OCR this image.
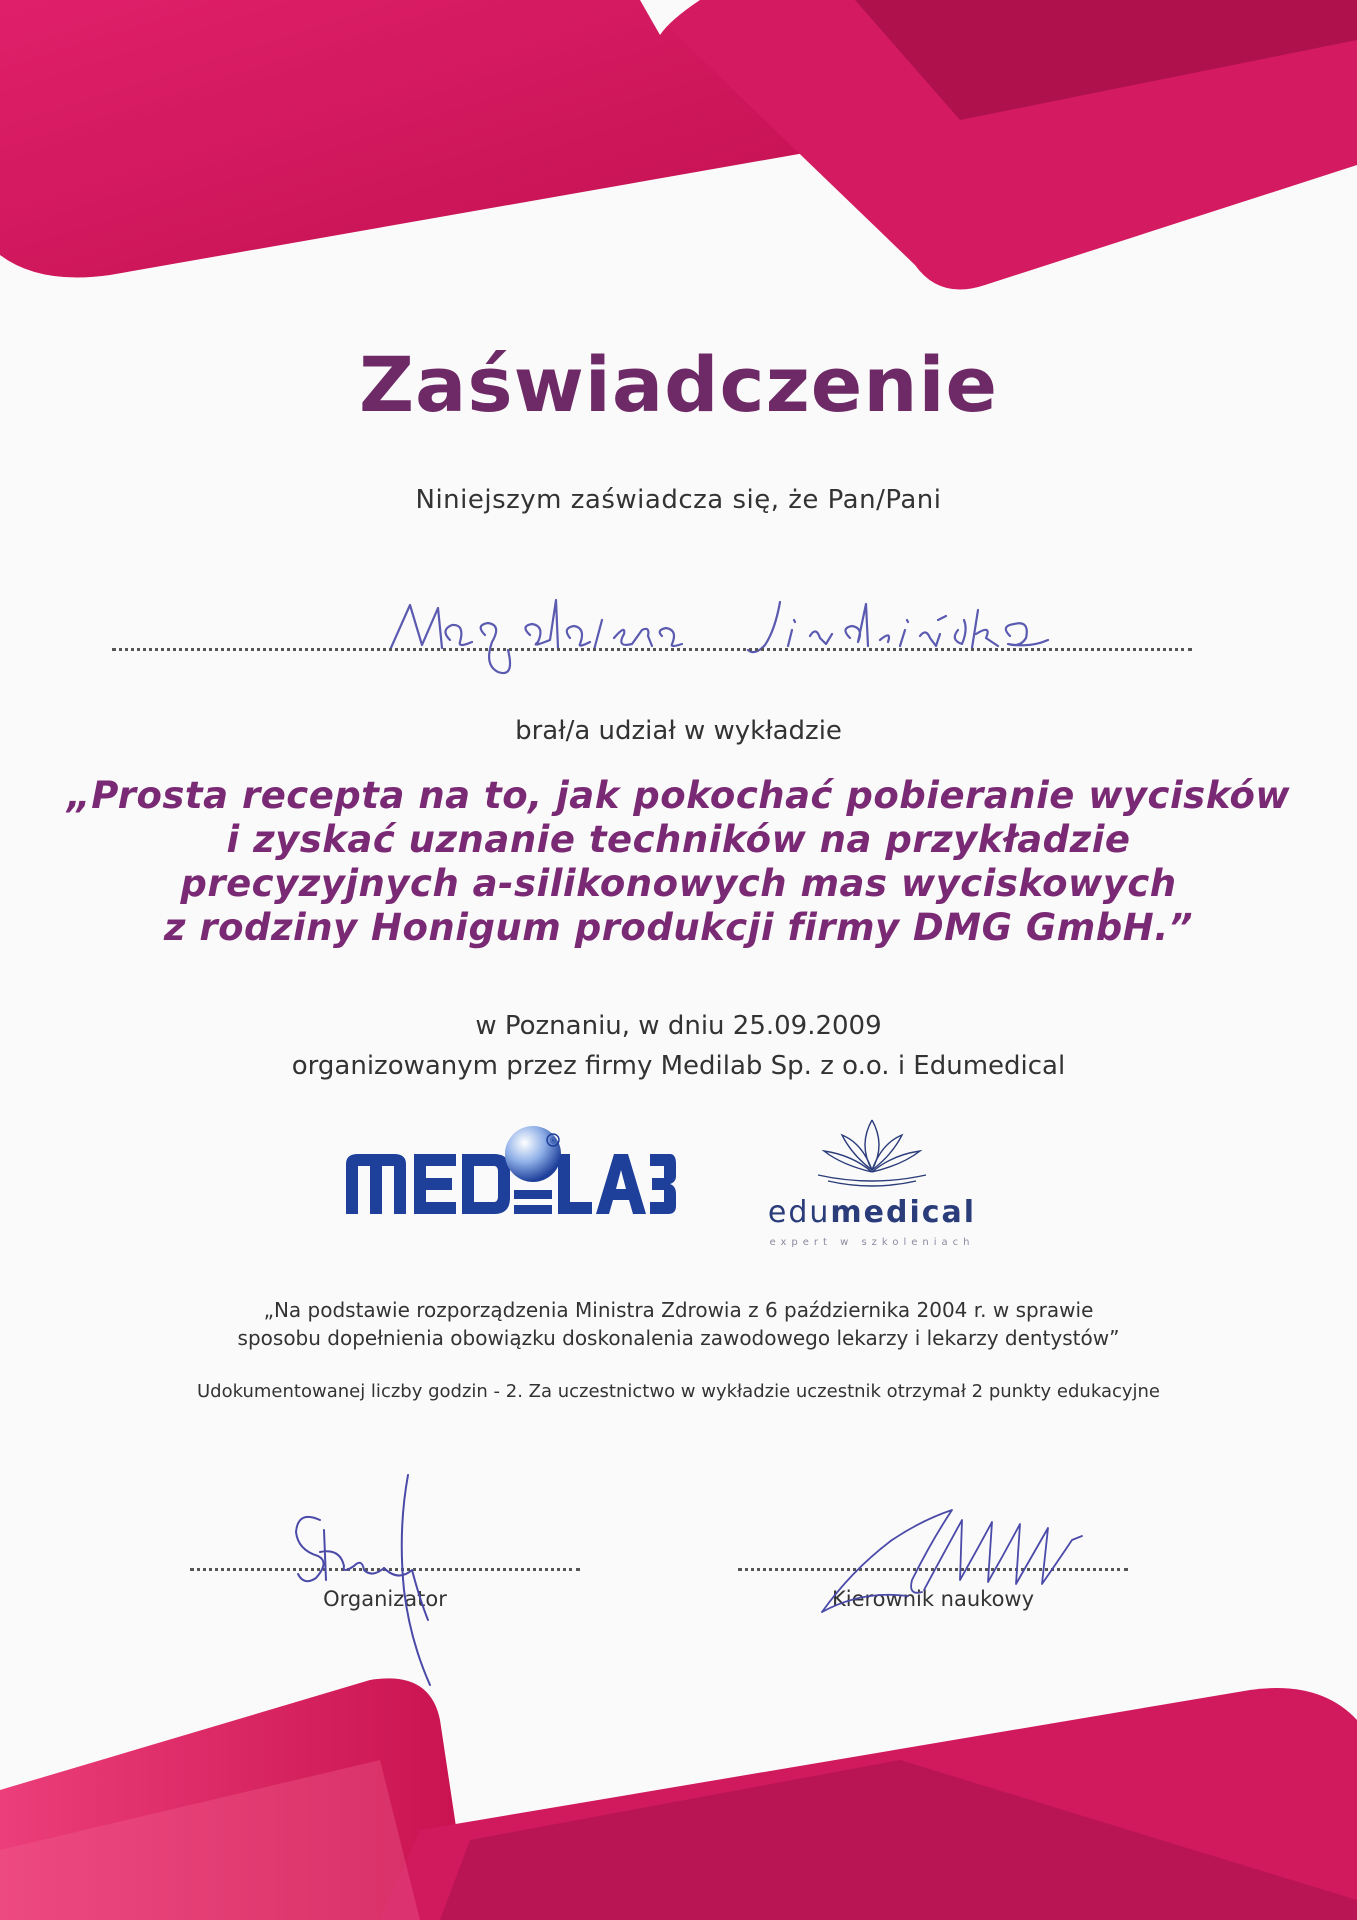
Zaświadczenie
Niniejszym zaświadcza się, że Pan/Pani
brał/a udział w wykładzie
„Prosta recepta na to, jak pokochać pobieranie wycisków
i zyskać uznanie techników na przykładzie
precyzyjnych a-silikonowych mas wyciskowych
z rodziny Honigum produkcji firmy DMG GmbH.”
w Poznaniu, w dniu 25.09.2009
organizowanym przez firmy Medilab Sp. z o.o. i Edumedical
®
edumedical
expert w szkoleniach
„Na podstawie rozporządzenia Ministra Zdrowia z 6 października 2004 r. w sprawie
sposobu dopełnienia obowiązku doskonalenia zawodowego lekarzy i lekarzy dentystów”
Udokumentowanej liczby godzin - 2. Za uczestnictwo w wykładzie uczestnik otrzymał 2 punkty edukacyjne
Organizator	Kierownik naukowy
